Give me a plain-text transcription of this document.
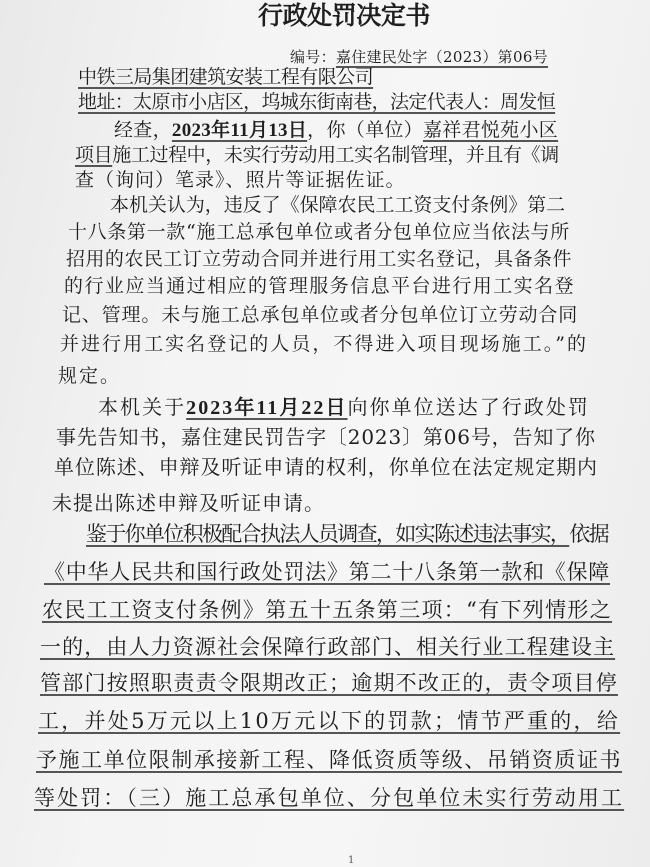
行政处罚决定书
编号：嘉住建民处字（2023）第06号
中铁三局集团建筑安装工程有限公司
地址：太原市小店区，坞城东街南巷，法定代表人：周发恒
经查，2023年11月13日，你（单位）嘉祥君悦苑小区
项目施工过程中，未实行劳动用工实名制管理，并且有《调
查（询问）笔录》、照片等证据佐证。
本机关认为，违反了《保障农民工工资支付条例》第二
十八条第一款“施工总承包单位或者分包单位应当依法与所
招用的农民工订立劳动合同并进行用工实名登记，具备条件
的行业应当通过相应的管理服务信息平台进行用工实名登
记、管理。未与施工总承包单位或者分包单位订立劳动合同
并进行用工实名登记的人员，不得进入项目现场施工。”的
规定。
本机关于2023年11月22日向你单位送达了行政处罚
事先告知书，嘉住建民罚告字〔2023〕第06号，告知了你
单位陈述、申辩及听证申请的权利，你单位在法定规定期内
未提出陈述申辩及听证申请。
鉴于你单位积极配合执法人员调查，如实陈述违法事实，依据
《中华人民共和国行政处罚法》第二十八条第一款和《保障
农民工工资支付条例》第五十五条第三项：“有下列情形之
一的，由人力资源社会保障行政部门、相关行业工程建设主
管部门按照职责责令限期改正；逾期不改正的，责令项目停
工，并处5万元以上10万元以下的罚款；情节严重的，给
予施工单位限制承接新工程、降低资质等级、吊销资质证书
等处罚：（三）施工总承包单位、分包单位未实行劳动用工
1
